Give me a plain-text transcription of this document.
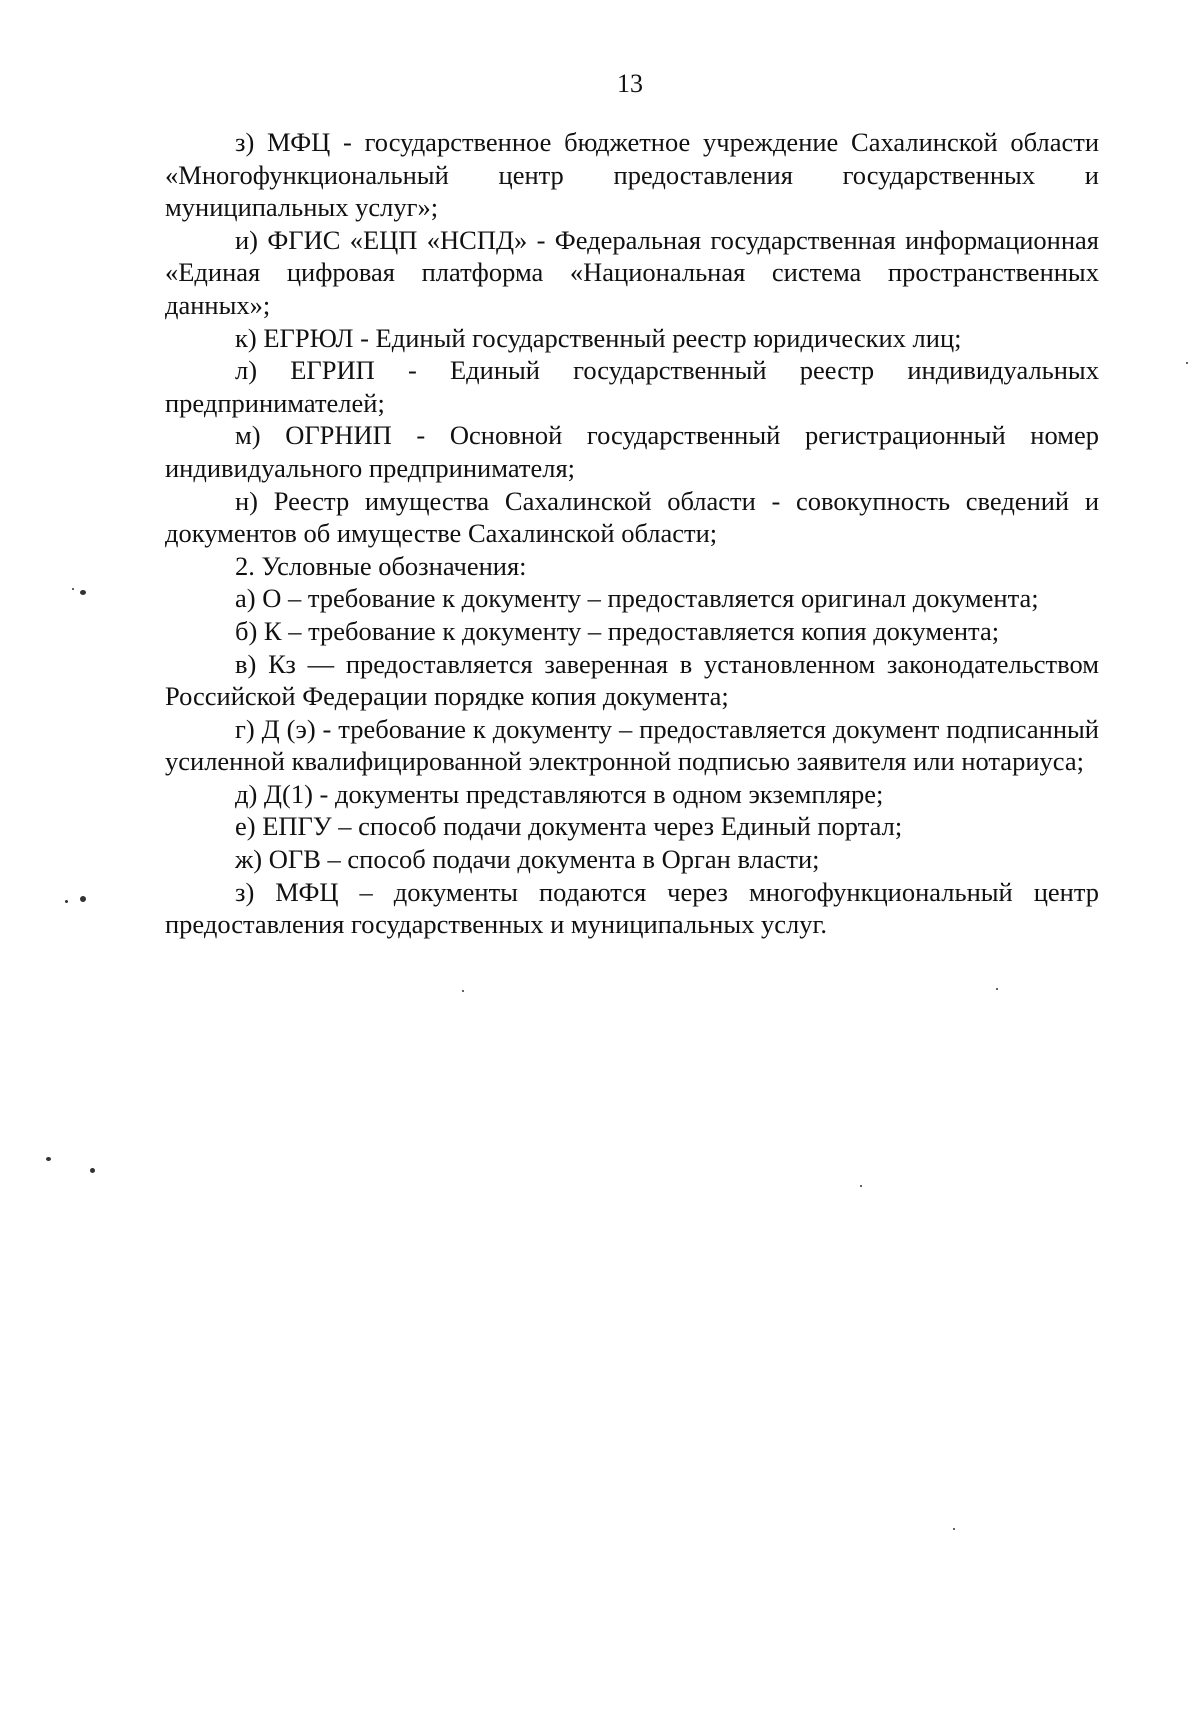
13

з) МФЦ - государственное бюджетное учреждение Сахалинской области «Многофункциональный центр предоставления государственных и муниципальных услуг»;

и) ФГИС «ЕЦП «НСПД» - Федеральная государственная информационная «Единая цифровая платформа «Национальная система пространственных данных»;

к) ЕГРЮЛ - Единый государственный реестр юридических лиц;

л) ЕГРИП - Единый государственный реестр индивидуальных предпринимателей;

м) ОГРНИП - Основной государственный регистрационный номер индивидуального предпринимателя;

н) Реестр имущества Сахалинской области - совокупность сведений и документов об имуществе Сахалинской области;

2. Условные обозначения:

а) О – требование к документу – предоставляется оригинал документа;

б) К – требование к документу – предоставляется копия документа;

в) Кз — предоставляется заверенная в установленном законодательством Российской Федерации порядке копия документа;

г) Д (э) - требование к документу – предоставляется документ подписанный усиленной квалифицированной электронной подписью заявителя или нотариуса;

д) Д(1) - документы представляются в одном экземпляре;

е) ЕПГУ – способ подачи документа через Единый портал;

ж) ОГВ – способ подачи документа в Орган власти;

з) МФЦ – документы подаются через многофункциональный центр предоставления государственных и муниципальных услуг.
